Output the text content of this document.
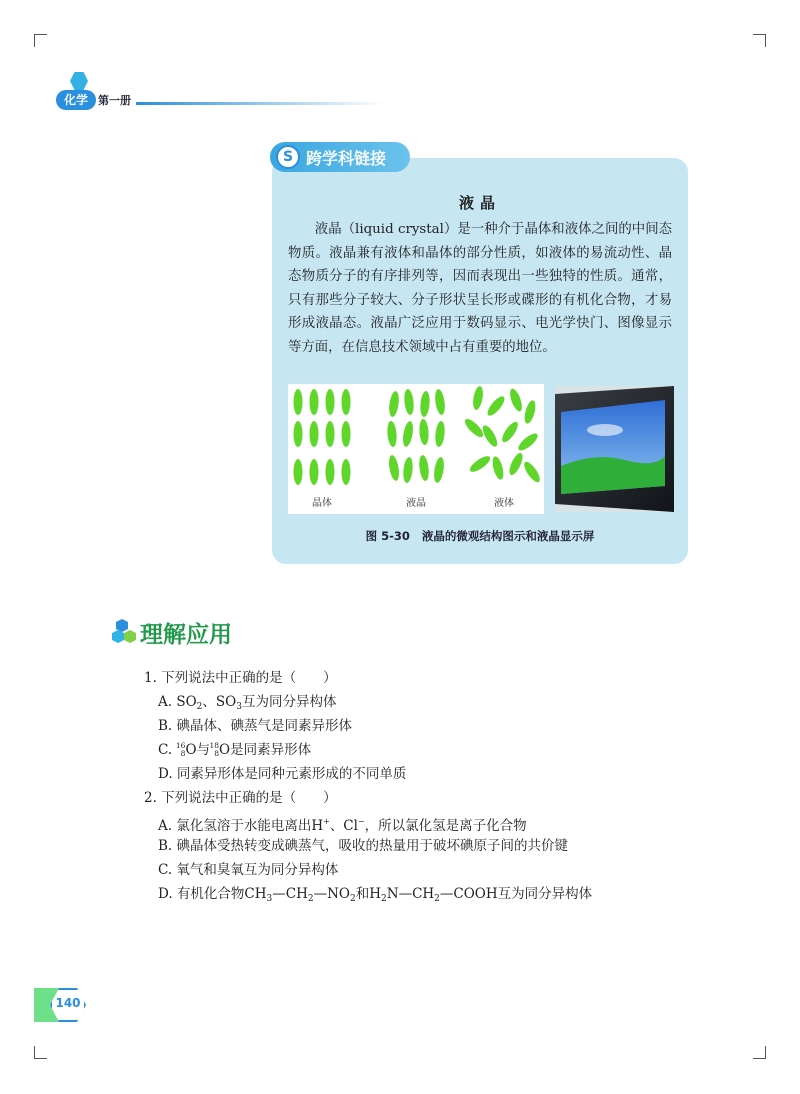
化学 第一册
S 跨学科链接
液晶
液晶（liquid crystal）是一种介于晶体和液体之间的中间态物质。液晶兼有液体和晶体的部分性质，如液体的易流动性、晶态物质分子的有序排列等，因而表现出一些独特的性质。通常，只有那些分子较大、分子形状呈长形或碟形的有机化合物，才易形成液晶态。液晶广泛应用于数码显示、电光学快门、图像显示等方面，在信息技术领域中占有重要的地位。
晶体	液晶	液体
图 5-30 液晶的微观结构图示和液晶显示屏
理解应用
1. 下列说法中正确的是（　　）
A. $SO_2$、$SO_3$互为同分异构体
B. 碘晶体、碘蒸气是同素异形体
C. 16
8 O与 18
8 O是同素异形体
D. 同素异形体是同种元素形成的不同单质
2. 下列说法中正确的是（　　）
A. 氯化氢溶于水能电离出H+、Cl−，所以氯化氢是离子化合物
B. 碘晶体受热转变成碘蒸气，吸收的热量用于破坏碘原子间的共价键
C. 氧气和臭氧互为同分异构体
D. 有机化合物$CH_3—CH_2—NO_2$和$H_2N—CH_2—COOH$互为同分异构体
140
